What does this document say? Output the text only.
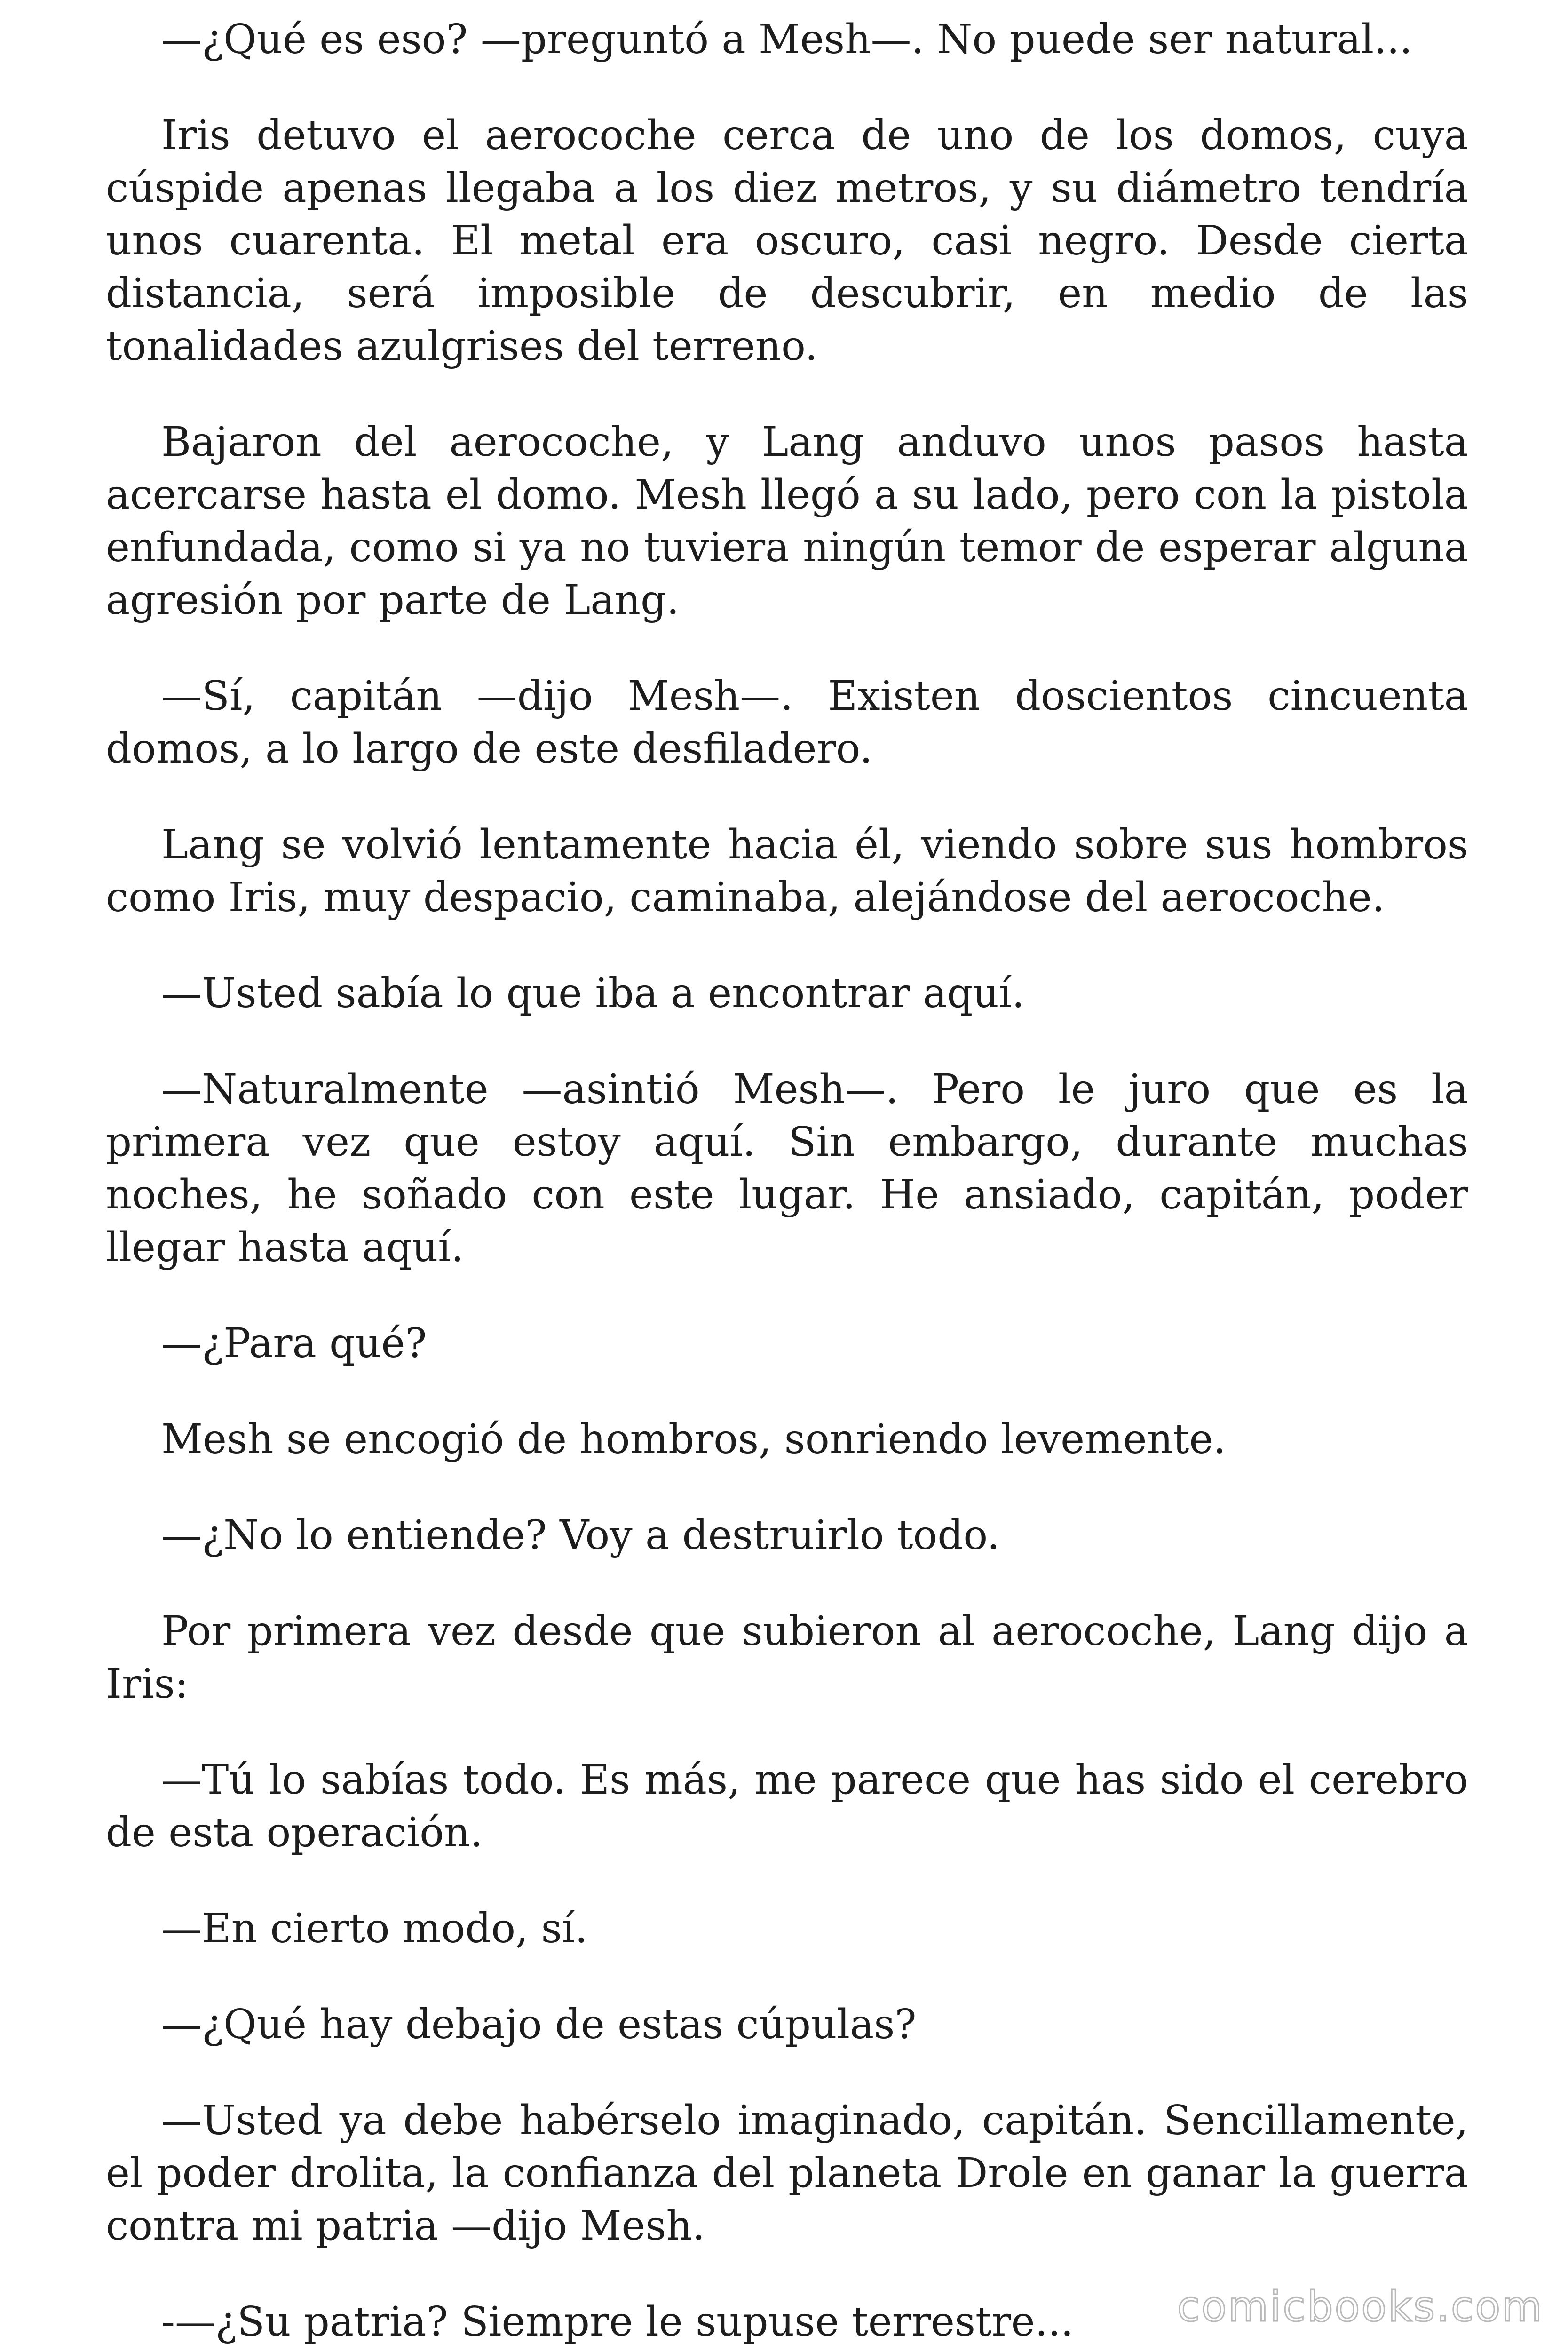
—¿Qué es eso? —preguntó a Mesh—. No puede ser natural...

Iris detuvo el aerocoche cerca de uno de los domos, cuya cúspide apenas llegaba a los diez metros, y su diámetro tendría unos cuarenta. El metal era oscuro, casi negro. Desde cierta distancia, será imposible de descubrir, en medio de las tonalidades azulgrises del terreno.

Bajaron del aerocoche, y Lang anduvo unos pasos hasta acercarse hasta el domo. Mesh llegó a su lado, pero con la pistola enfundada, como si ya no tuviera ningún temor de esperar alguna agresión por parte de Lang.

—Sí, capitán —dijo Mesh—. Existen doscientos cincuenta domos, a lo largo de este desfiladero.

Lang se volvió lentamente hacia él, viendo sobre sus hombros como Iris, muy despacio, caminaba, alejándose del aerocoche.

—Usted sabía lo que iba a encontrar aquí.

—Naturalmente —asintió Mesh—. Pero le juro que es la primera vez que estoy aquí. Sin embargo, durante muchas noches, he soñado con este lugar. He ansiado, capitán, poder llegar hasta aquí.

—¿Para qué?

Mesh se encogió de hombros, sonriendo levemente.

—¿No lo entiende? Voy a destruirlo todo.

Por primera vez desde que subieron al aerocoche, Lang dijo a Iris:

—Tú lo sabías todo. Es más, me parece que has sido el cerebro de esta operación.

—En cierto modo, sí.

—¿Qué hay debajo de estas cúpulas?

—Usted ya debe habérselo imaginado, capitán. Sencillamente, el poder drolita, la confianza del planeta Drole en ganar la guerra contra mi patria —dijo Mesh.

-—¿Su patria? Siempre le supuse terrestre...	comicbooks.com
